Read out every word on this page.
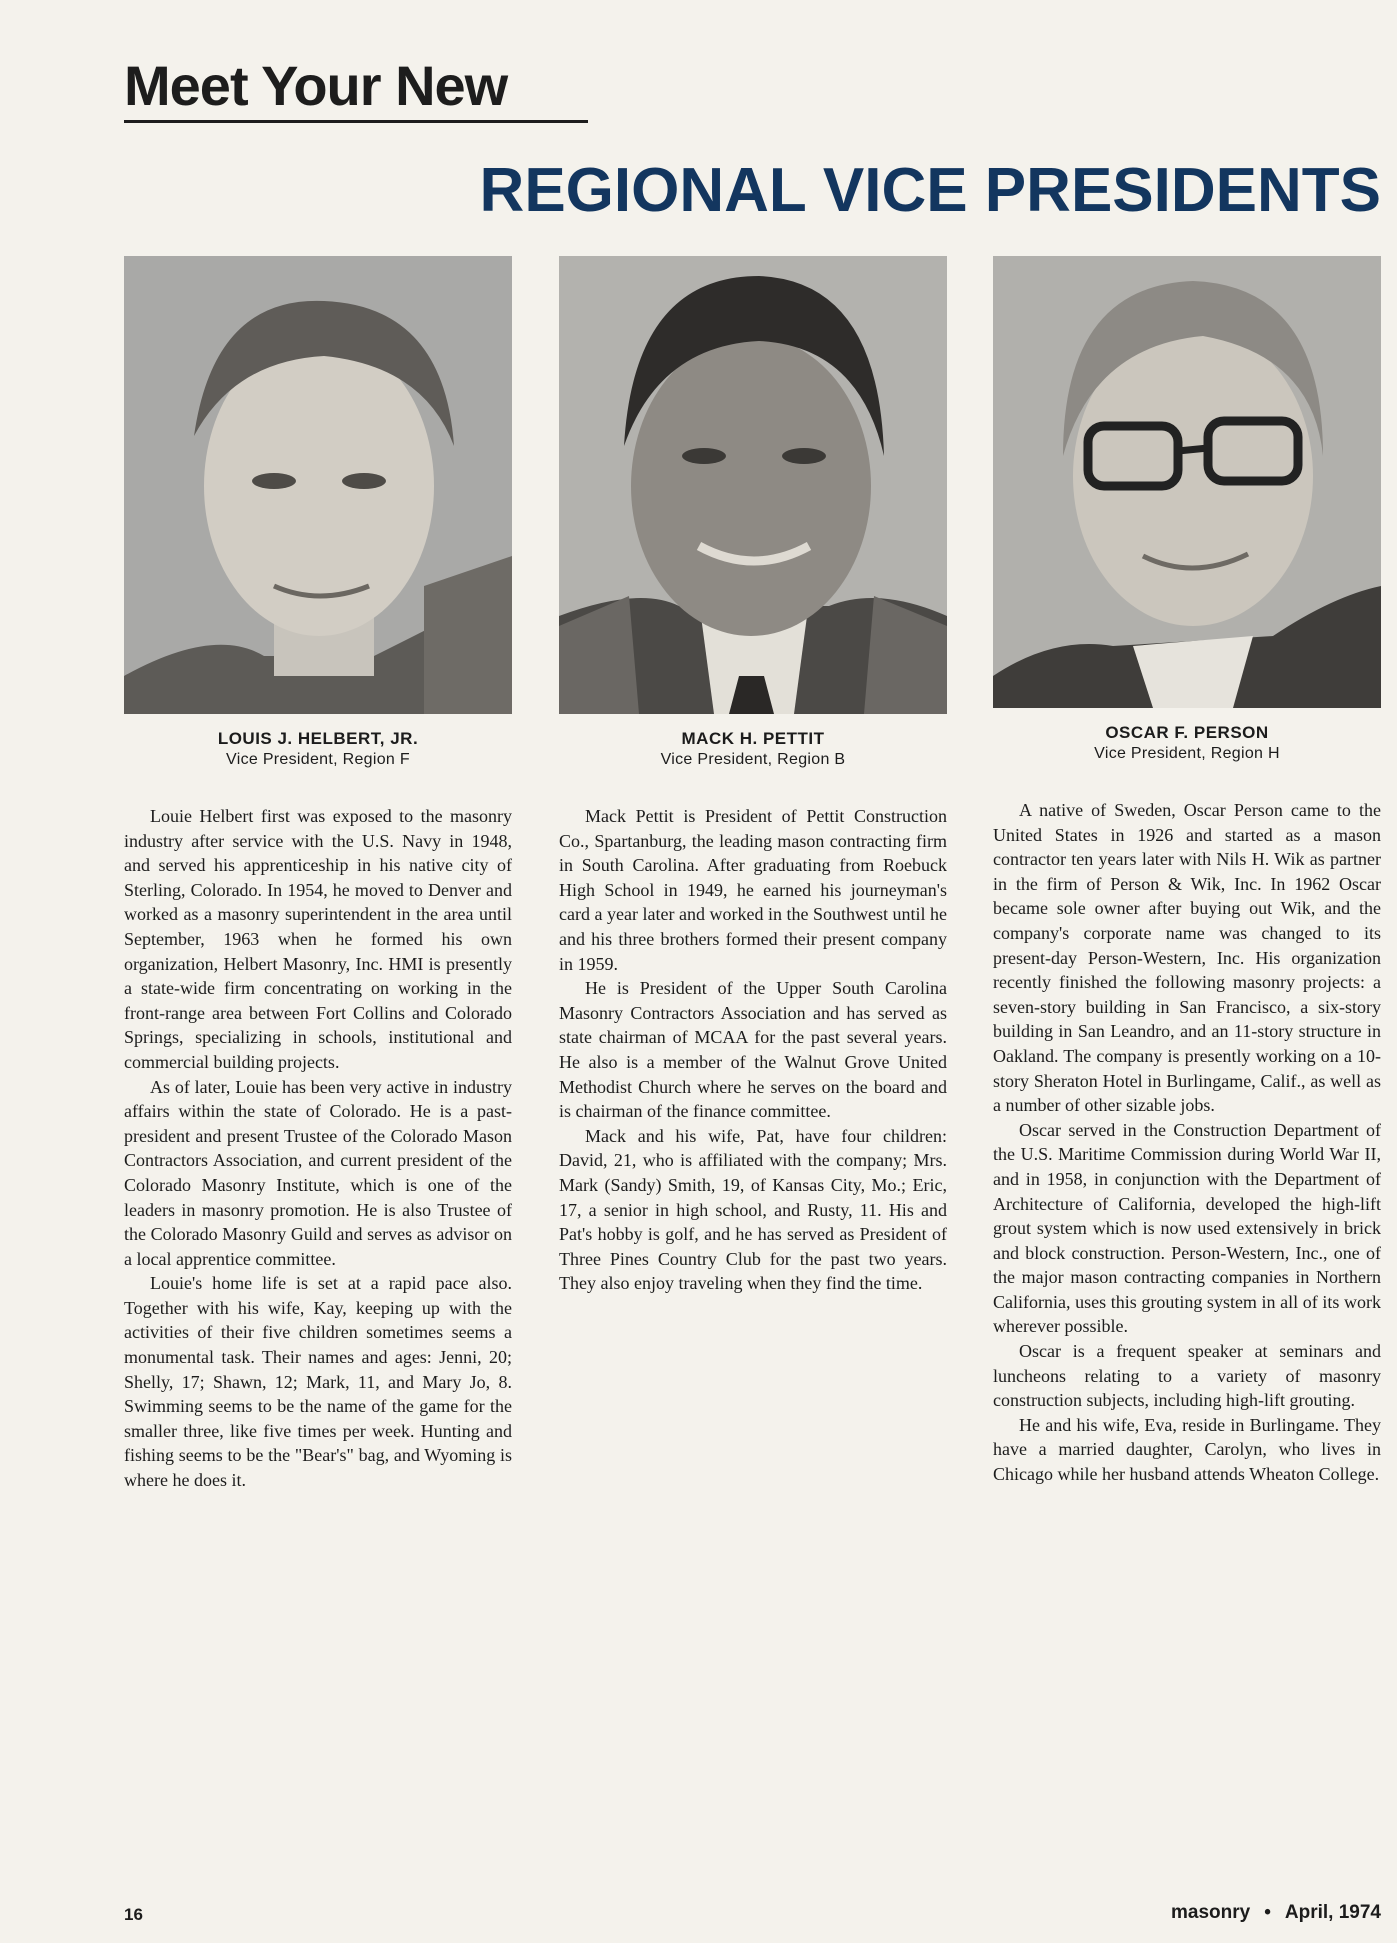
Meet Your New
REGIONAL VICE PRESIDENTS
LOUIS J. HELBERT, JR.
Vice President, Region F

Louie Helbert first was exposed to the masonry industry after service with the U.S. Navy in 1948, and served his apprenticeship in his native city of Sterling, Colorado. In 1954, he moved to Denver and worked as a masonry superintendent in the area until September, 1963 when he formed his own organization, Helbert Masonry, Inc. HMI is presently a state-wide firm concentrating on working in the front-range area between Fort Collins and Colorado Springs, specializing in schools, institutional and commercial building projects.

As of later, Louie has been very active in industry affairs within the state of Colorado. He is a past-president and present Trustee of the Colorado Mason Contractors Association, and current president of the Colorado Masonry Institute, which is one of the leaders in masonry promotion. He is also Trustee of the Colorado Masonry Guild and serves as advisor on a local apprentice committee.

Louie's home life is set at a rapid pace also. Together with his wife, Kay, keeping up with the activities of their five children sometimes seems a monumental task. Their names and ages: Jenni, 20; Shelly, 17; Shawn, 12; Mark, 11, and Mary Jo, 8. Swimming seems to be the name of the game for the smaller three, like five times per week. Hunting and fishing seems to be the "Bear's" bag, and Wyoming is where he does it.

MACK H. PETTIT
Vice President, Region B

Mack Pettit is President of Pettit Construction Co., Spartanburg, the leading mason contracting firm in South Carolina. After graduating from Roebuck High School in 1949, he earned his journeyman's card a year later and worked in the Southwest until he and his three brothers formed their present company in 1959.

He is President of the Upper South Carolina Masonry Contractors Association and has served as state chairman of MCAA for the past several years. He also is a member of the Walnut Grove United Methodist Church where he serves on the board and is chairman of the finance committee.

Mack and his wife, Pat, have four children: David, 21, who is affiliated with the company; Mrs. Mark (Sandy) Smith, 19, of Kansas City, Mo.; Eric, 17, a senior in high school, and Rusty, 11. His and Pat's hobby is golf, and he has served as President of Three Pines Country Club for the past two years. They also enjoy traveling when they find the time.

OSCAR F. PERSON
Vice President, Region H

A native of Sweden, Oscar Person came to the United States in 1926 and started as a mason contractor ten years later with Nils H. Wik as partner in the firm of Person & Wik, Inc. In 1962 Oscar became sole owner after buying out Wik, and the company's corporate name was changed to its present-day Person-Western, Inc. His organization recently finished the following masonry projects: a seven-story building in San Francisco, a six-story building in San Leandro, and an 11-story structure in Oakland. The company is presently working on a 10-story Sheraton Hotel in Burlingame, Calif., as well as a number of other sizable jobs.

Oscar served in the Construction Department of the U.S. Maritime Commission during World War II, and in 1958, in conjunction with the Department of Architecture of California, developed the high-lift grout system which is now used extensively in brick and block construction. Person-Western, Inc., one of the major mason contracting companies in Northern California, uses this grouting system in all of its work wherever possible.

Oscar is a frequent speaker at seminars and luncheons relating to a variety of masonry construction subjects, including high-lift grouting.

He and his wife, Eva, reside in Burlingame. They have a married daughter, Carolyn, who lives in Chicago while her husband attends Wheaton College.

16	masonry • April, 1974
